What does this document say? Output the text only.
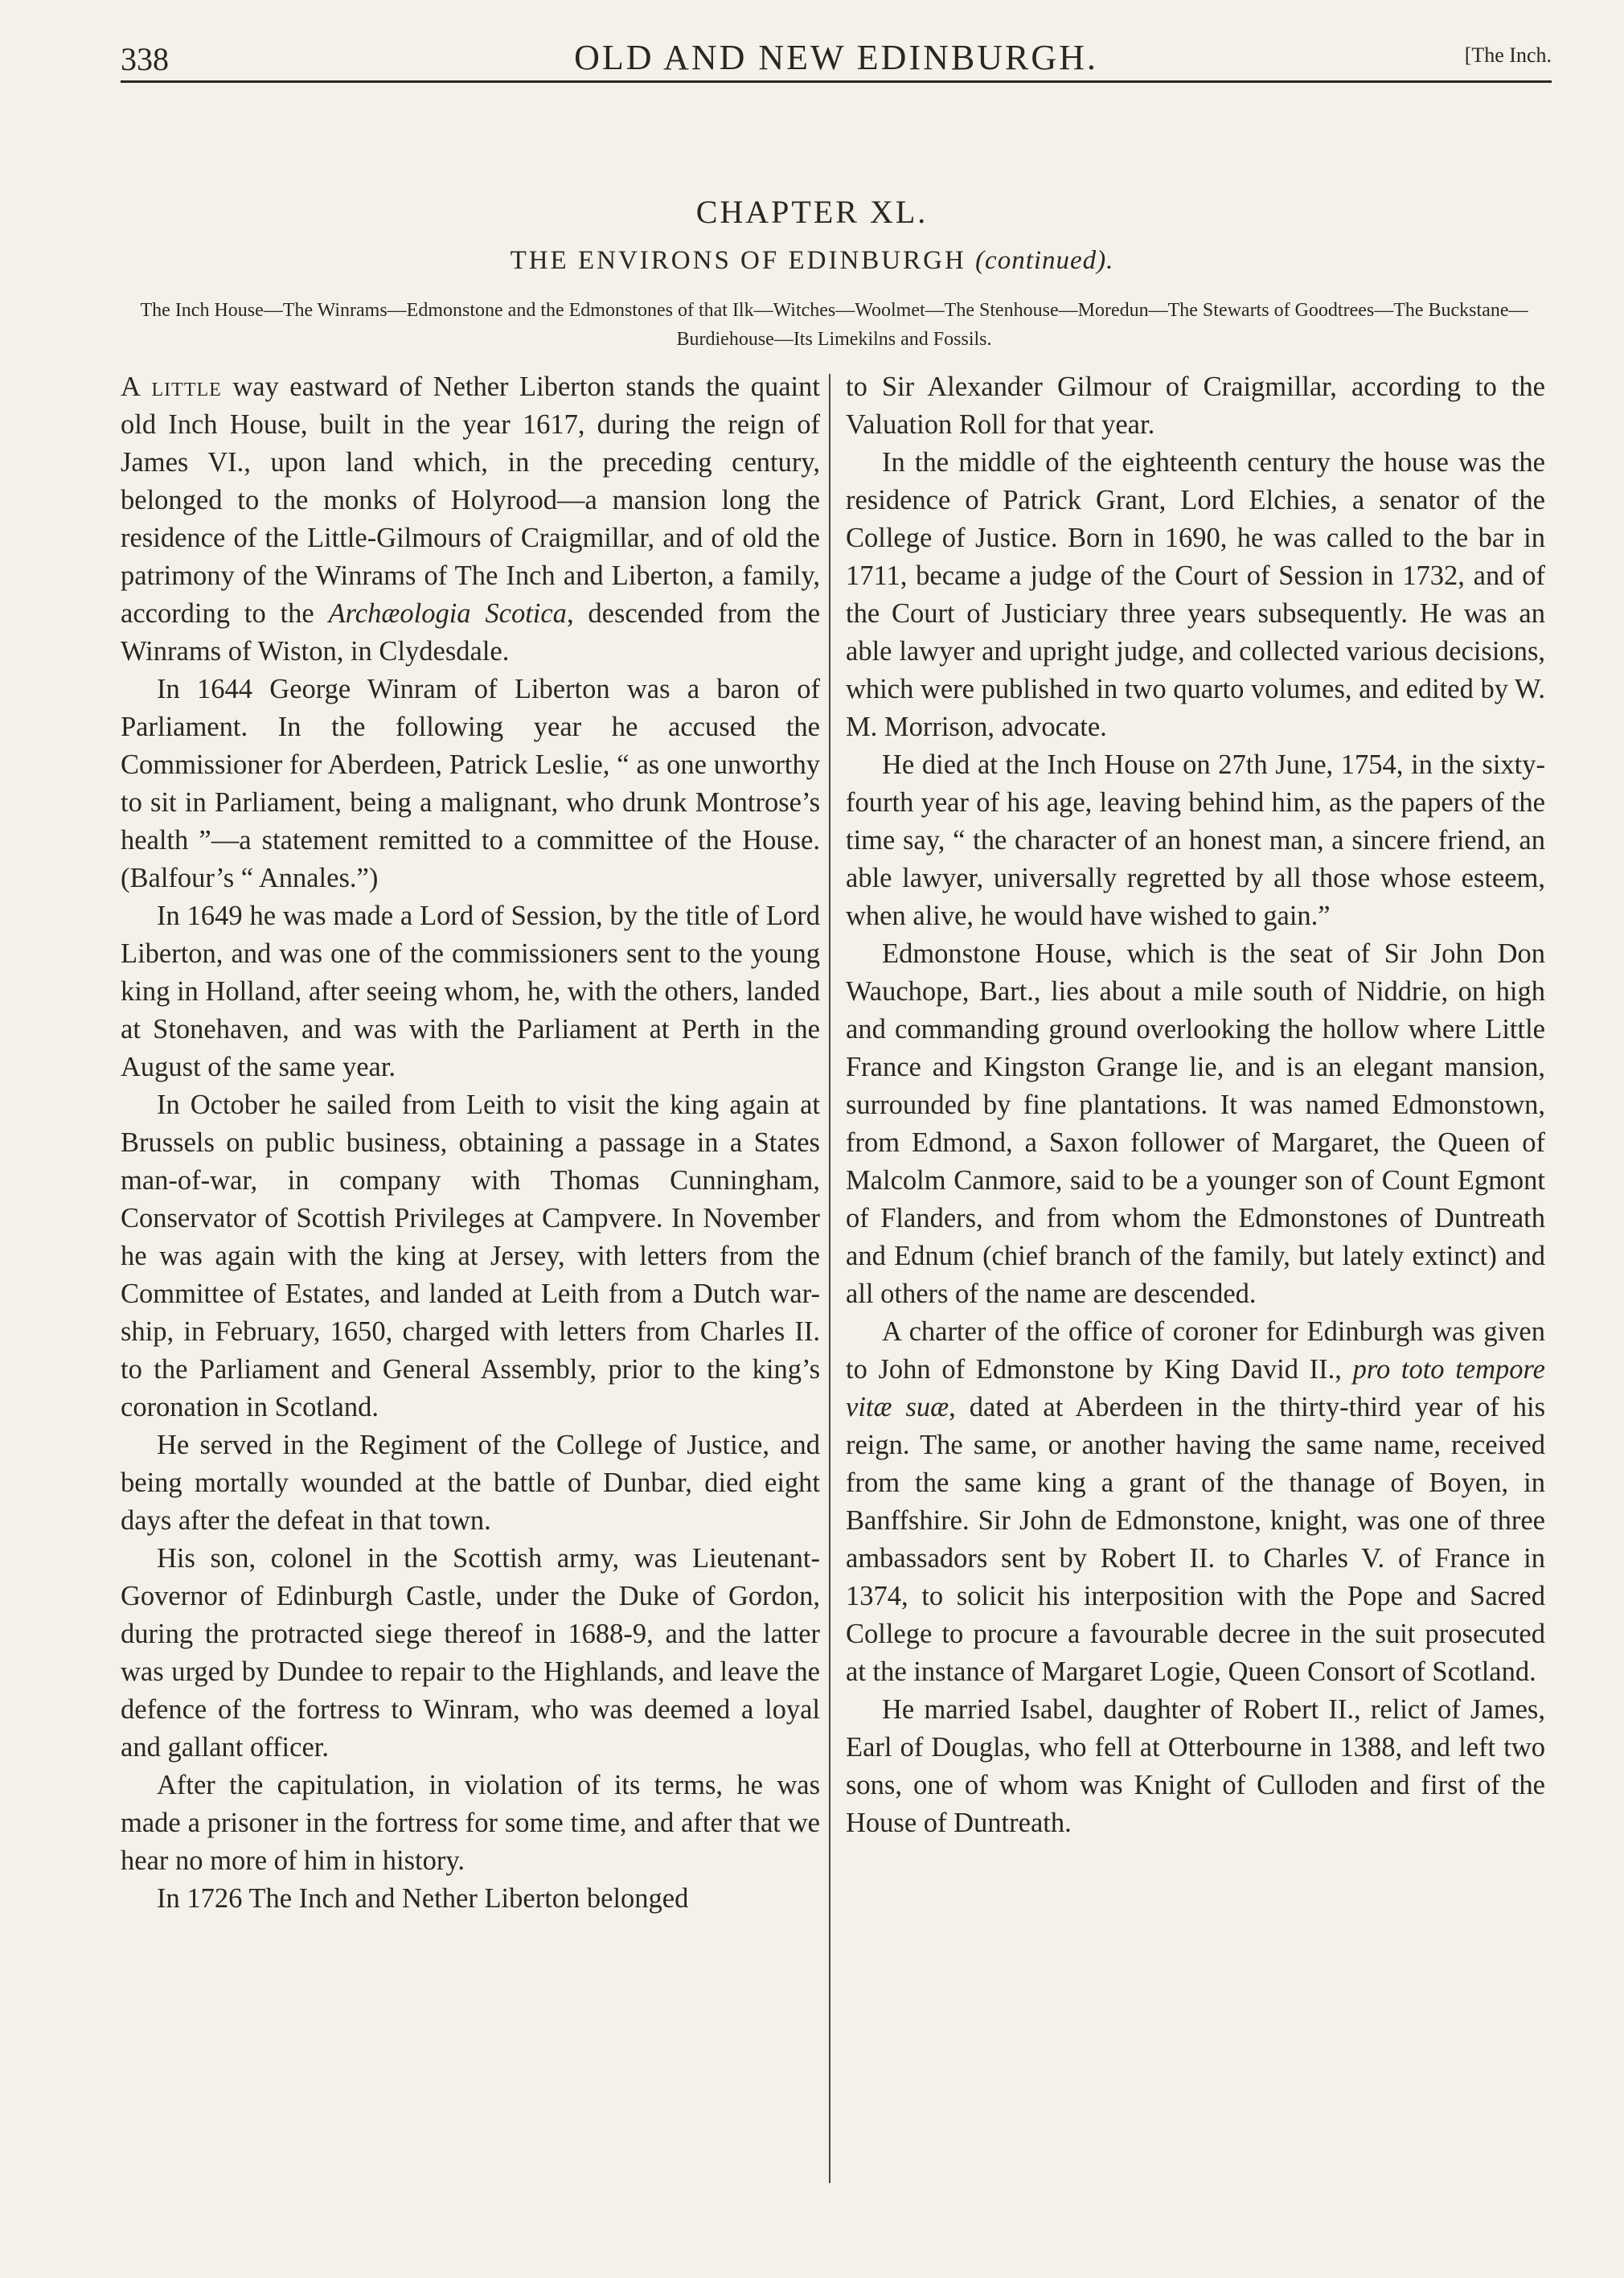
338	OLD AND NEW EDINBURGH.	[The Inch.
CHAPTER XL.
THE ENVIRONS OF EDINBURGH (continued).
The Inch House—The Winrams—Edmonstone and the Edmonstones of that Ilk—Witches—Woolmet—The Stenhouse—Moredun—The Stewarts of Goodtrees—The Buckstane—Burdiehouse—Its Limekilns and Fossils.

A little way eastward of Nether Liberton stands the quaint old Inch House, built in the year 1617, during the reign of James VI., upon land which, in the preceding century, belonged to the monks of Holyrood—a mansion long the residence of the Little-Gilmours of Craigmillar, and of old the patrimony of the Winrams of The Inch and Liberton, a family, according to the Archæologia Scotica, descended from the Winrams of Wiston, in Clydesdale.

In 1644 George Winram of Liberton was a baron of Parliament. In the following year he accused the Commissioner for Aberdeen, Patrick Leslie, “ as one unworthy to sit in Parliament, being a malignant, who drunk Montrose’s health ”—a statement remitted to a committee of the House. (Balfour’s “ Annales.”)

In 1649 he was made a Lord of Session, by the title of Lord Liberton, and was one of the commissioners sent to the young king in Holland, after seeing whom, he, with the others, landed at Stonehaven, and was with the Parliament at Perth in the August of the same year.

In October he sailed from Leith to visit the king again at Brussels on public business, obtaining a passage in a States man-of-war, in company with Thomas Cunningham, Conservator of Scottish Privileges at Campvere. In November he was again with the king at Jersey, with letters from the Committee of Estates, and landed at Leith from a Dutch war-ship, in February, 1650, charged with letters from Charles II. to the Parliament and General Assembly, prior to the king’s coronation in Scotland.

He served in the Regiment of the College of Justice, and being mortally wounded at the battle of Dunbar, died eight days after the defeat in that town.

His son, colonel in the Scottish army, was Lieutenant-Governor of Edinburgh Castle, under the Duke of Gordon, during the protracted siege thereof in 1688-9, and the latter was urged by Dundee to repair to the Highlands, and leave the defence of the fortress to Winram, who was deemed a loyal and gallant officer.

After the capitulation, in violation of its terms, he was made a prisoner in the fortress for some time, and after that we hear no more of him in history.

In 1726 The Inch and Nether Liberton belonged

to Sir Alexander Gilmour of Craigmillar, according to the Valuation Roll for that year.

In the middle of the eighteenth century the house was the residence of Patrick Grant, Lord Elchies, a senator of the College of Justice. Born in 1690, he was called to the bar in 1711, became a judge of the Court of Session in 1732, and of the Court of Justiciary three years subsequently. He was an able lawyer and upright judge, and collected various decisions, which were published in two quarto volumes, and edited by W. M. Morrison, advocate.

He died at the Inch House on 27th June, 1754, in the sixty-fourth year of his age, leaving behind him, as the papers of the time say, “ the character of an honest man, a sincere friend, an able lawyer, universally regretted by all those whose esteem, when alive, he would have wished to gain.”

Edmonstone House, which is the seat of Sir John Don Wauchope, Bart., lies about a mile south of Niddrie, on high and commanding ground overlooking the hollow where Little France and Kingston Grange lie, and is an elegant mansion, surrounded by fine plantations. It was named Edmonstown, from Edmond, a Saxon follower of Margaret, the Queen of Malcolm Canmore, said to be a younger son of Count Egmont of Flanders, and from whom the Edmonstones of Duntreath and Ednum (chief branch of the family, but lately extinct) and all others of the name are descended.

A charter of the office of coroner for Edinburgh was given to John of Edmonstone by King David II., pro toto tempore vitæ suæ, dated at Aberdeen in the thirty-third year of his reign. The same, or another having the same name, received from the same king a grant of the thanage of Boyen, in Banffshire. Sir John de Edmonstone, knight, was one of three ambassadors sent by Robert II. to Charles V. of France in 1374, to solicit his interposition with the Pope and Sacred College to procure a favourable decree in the suit prosecuted at the instance of Margaret Logie, Queen Consort of Scotland.

He married Isabel, daughter of Robert II., relict of James, Earl of Douglas, who fell at Otterbourne in 1388, and left two sons, one of whom was Knight of Culloden and first of the House of Duntreath.
